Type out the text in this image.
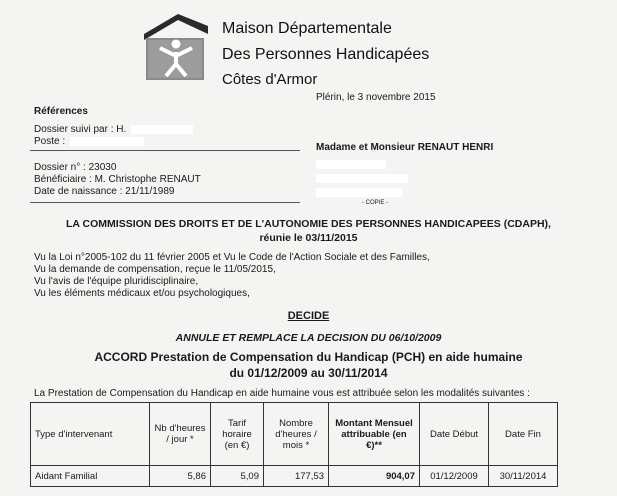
Maison Départementale
Des Personnes Handicapées
Côtes d'Armor
Plérin, le 3 novembre 2015
Références
Dossier suivi par : H.
Poste :
Dossier n° : 23030
Bénéficiaire : M. Christophe RENAUT
Date de naissance : 21/11/1989
Madame et Monsieur RENAUT HENRI
- COPIE -
LA COMMISSION DES DROITS ET DE L'AUTONOMIE DES PERSONNES HANDICAPEES (CDAPH),
réunie le 03/11/2015
Vu la Loi n°2005-102 du 11 février 2005 et Vu le Code de l'Action Sociale et des Familles,
Vu la demande de compensation, reçue le 11/05/2015,
Vu l'avis de l'équipe pluridisciplinaire,
Vu les éléments médicaux et/ou psychologiques,
DECIDE
ANNULE ET REMPLACE LA DECISION DU 06/10/2009
ACCORD Prestation de Compensation du Handicap (PCH) en aide humaine
du 01/12/2009 au 30/11/2014
La Prestation de Compensation du Handicap en aide humaine vous est attribuée selon les modalités suivantes :
Type d'intervenant	Nb d'heures / jour *	Tarif horaire (en €)	Nombre d'heures / mois *	Montant Mensuel attribuable (en €)**	Date Début	Date Fin
Aidant Familial	5,86	5,09	177,53	904,07	01/12/2009	30/11/2014
